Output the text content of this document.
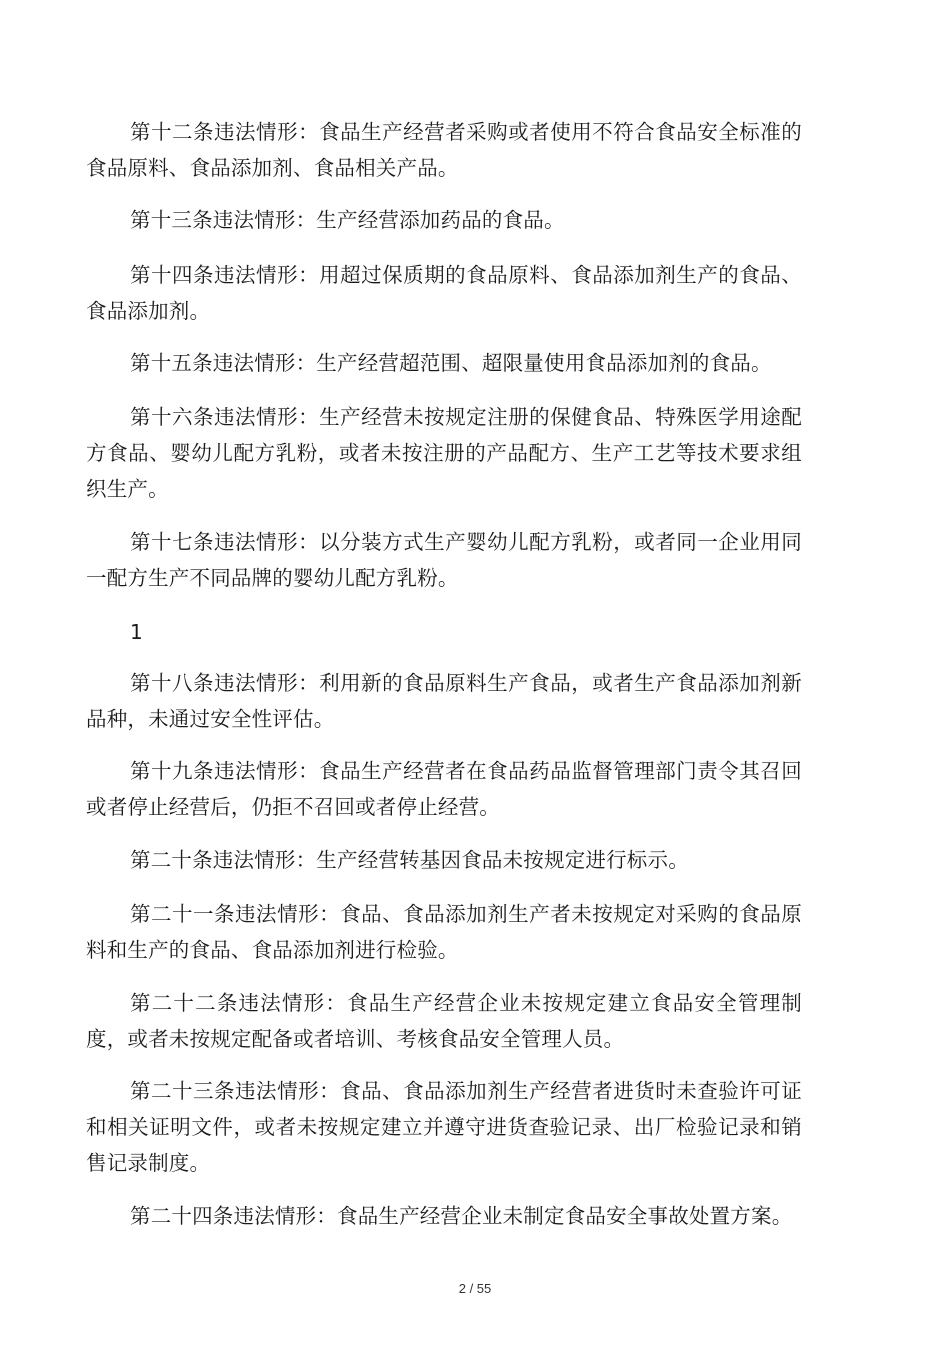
第十二条违法情形：食品生产经营者采购或者使用不符合食品安全标准的食品原料、食品添加剂、食品相关产品。

第十三条违法情形：生产经营添加药品的食品。

第十四条违法情形：用超过保质期的食品原料、食品添加剂生产的食品、食品添加剂。

第十五条违法情形：生产经营超范围、超限量使用食品添加剂的食品。

第十六条违法情形：生产经营未按规定注册的保健食品、特殊医学用途配方食品、婴幼儿配方乳粉，或者未按注册的产品配方、生产工艺等技术要求组织生产。

第十七条违法情形：以分装方式生产婴幼儿配方乳粉，或者同一企业用同一配方生产不同品牌的婴幼儿配方乳粉。

1

第十八条违法情形：利用新的食品原料生产食品，或者生产食品添加剂新品种，未通过安全性评估。

第十九条违法情形：食品生产经营者在食品药品监督管理部门责令其召回或者停止经营后，仍拒不召回或者停止经营。

第二十条违法情形：生产经营转基因食品未按规定进行标示。

第二十一条违法情形：食品、食品添加剂生产者未按规定对采购的食品原料和生产的食品、食品添加剂进行检验。

第二十二条违法情形：食品生产经营企业未按规定建立食品安全管理制度，或者未按规定配备或者培训、考核食品安全管理人员。

第二十三条违法情形：食品、食品添加剂生产经营者进货时未查验许可证和相关证明文件，或者未按规定建立并遵守进货查验记录、出厂检验记录和销售记录制度。

第二十四条违法情形：食品生产经营企业未制定食品安全事故处置方案。

2 / 55
